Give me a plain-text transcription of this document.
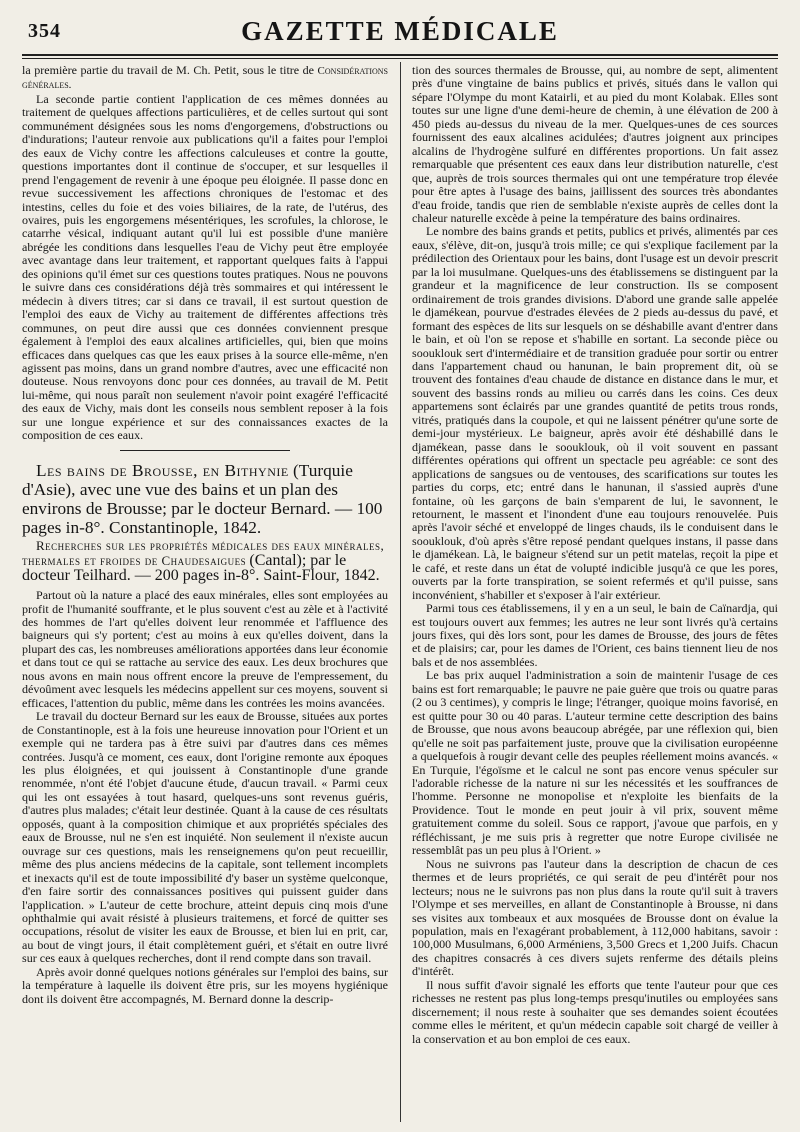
354	GAZETTE MÉDICALE

la première partie du travail de M. Ch. Petit, sous le titre de Considérations générales.

La seconde partie contient l'application de ces mêmes données au traitement de quelques affections particulières, et de celles surtout qui sont communément désignées sous les noms d'engorgemens, d'obstructions ou d'indurations; l'auteur renvoie aux publications qu'il a faites pour l'emploi des eaux de Vichy contre les affections calculeuses et contre la goutte, questions importantes dont il continue de s'occuper, et sur lesquelles il prend l'engagement de revenir à une époque peu éloignée. Il passe donc en revue successivement les affections chroniques de l'estomac et des intestins, celles du foie et des voies biliaires, de la rate, de l'utérus, des ovaires, puis les engorgemens mésentériques, les scrofules, la chlorose, le catarrhe vésical, indiquant autant qu'il lui est possible d'une manière abrégée les conditions dans lesquelles l'eau de Vichy peut être employée avec avantage dans leur traitement, et rapportant quelques faits à l'appui des opinions qu'il émet sur ces questions toutes pratiques. Nous ne pouvons le suivre dans ces considérations déjà très sommaires et qui intéressent le médecin à divers titres; car si dans ce travail, il est surtout question de l'emploi des eaux de Vichy au traitement de différentes affections très communes, on peut dire aussi que ces données conviennent presque également à l'emploi des eaux alcalines artificielles, qui, bien que moins efficaces dans quelques cas que les eaux prises à la source elle-même, n'en agissent pas moins, dans un grand nombre d'autres, avec une efficacité non douteuse. Nous renvoyons donc pour ces données, au travail de M. Petit lui-même, qui nous paraît non seulement n'avoir point exagéré l'efficacité des eaux de Vichy, mais dont les conseils nous semblent reposer à la fois sur une longue expérience et sur des connaissances exactes de la composition de ces eaux.

Les bains de Brousse, en Bithynie (Turquie d'Asie), avec une vue des bains et un plan des environs de Brousse; par le docteur Bernard. — 100 pages in-8°. Constantinople, 1842.

Recherches sur les propriétés médicales des eaux minérales, thermales et froides de Chaudesaigues (Cantal); par le docteur Teilhard. — 200 pages in-8°. Saint-Flour, 1842.

Partout où la nature a placé des eaux minérales, elles sont employées au profit de l'humanité souffrante, et le plus souvent c'est au zèle et à l'activité des hommes de l'art qu'elles doivent leur renommée et l'affluence des baigneurs qui s'y portent; c'est au moins à eux qu'elles doivent, dans la plupart des cas, les nombreuses améliorations apportées dans leur économie et dans tout ce qui se rattache au service des eaux. Les deux brochures que nous avons en main nous offrent encore la preuve de l'empressement, du dévoûment avec lesquels les médecins appellent sur ces moyens, souvent si efficaces, l'attention du public, même dans les contrées les moins avancées.

Le travail du docteur Bernard sur les eaux de Brousse, situées aux portes de Constantinople, est à la fois une heureuse innovation pour l'Orient et un exemple qui ne tardera pas à être suivi par d'autres dans ces mêmes contrées. Jusqu'à ce moment, ces eaux, dont l'origine remonte aux époques les plus éloignées, et qui jouissent à Constantinople d'une grande renommée, n'ont été l'objet d'aucune étude, d'aucun travail. « Parmi ceux qui les ont essayées à tout hasard, quelques-uns sont revenus guéris, d'autres plus malades; c'était leur destinée. Quant à la cause de ces résultats opposés, quant à la composition chimique et aux propriétés spéciales des eaux de Brousse, nul ne s'en est inquiété. Non seulement il n'existe aucun ouvrage sur ces questions, mais les renseignemens qu'on peut recueillir, même des plus anciens médecins de la capitale, sont tellement incomplets et inexacts qu'il est de toute impossibilité d'y baser un système quelconque, d'en faire sortir des connaissances positives qui puissent guider dans l'application. » L'auteur de cette brochure, atteint depuis cinq mois d'une ophthalmie qui avait résisté à plusieurs traitemens, et forcé de quitter ses occupations, résolut de visiter les eaux de Brousse, et bien lui en prit, car, au bout de vingt jours, il était complètement guéri, et s'était en outre livré sur ces eaux à quelques recherches, dont il rend compte dans son travail.

Après avoir donné quelques notions générales sur l'emploi des bains, sur la température à laquelle ils doivent être pris, sur les moyens hygiénique dont ils doivent être accompagnés, M. Bernard donne la descrip-

tion des sources thermales de Brousse, qui, au nombre de sept, alimentent près d'une vingtaine de bains publics et privés, situés dans le vallon qui sépare l'Olympe du mont Katairli, et au pied du mont Kolabak. Elles sont toutes sur une ligne d'une demi-heure de chemin, à une élévation de 200 à 450 pieds au-dessus du niveau de la mer. Quelques-unes de ces sources fournissent des eaux alcalines acidulées; d'autres joignent aux principes alcalins de l'hydrogène sulfuré en différentes proportions. Un fait assez remarquable que présentent ces eaux dans leur distribution naturelle, c'est que, auprès de trois sources thermales qui ont une température trop élevée pour être aptes à l'usage des bains, jaillissent des sources très abondantes d'eau froide, tandis que rien de semblable n'existe auprès de celles dont la chaleur naturelle excède à peine la température des bains ordinaires.

Le nombre des bains grands et petits, publics et privés, alimentés par ces eaux, s'élève, dit-on, jusqu'à trois mille; ce qui s'explique facilement par la prédilection des Orientaux pour les bains, dont l'usage est un devoir prescrit par la loi musulmane. Quelques-uns des établissemens se distinguent par la grandeur et la magnificence de leur construction. Ils se composent ordinairement de trois grandes divisions. D'abord une grande salle appelée le djamékean, pourvue d'estrades élevées de 2 pieds au-dessus du pavé, et formant des espèces de lits sur lesquels on se déshabille avant d'entrer dans le bain, et où l'on se repose et s'habille en sortant. La seconde pièce ou soouklouk sert d'intermédiaire et de transition graduée pour sortir ou entrer dans l'appartement chaud ou hanunan, le bain proprement dit, où se trouvent des fontaines d'eau chaude de distance en distance dans le mur, et souvent des bassins ronds au milieu ou carrés dans les coins. Ces deux appartemens sont éclairés par une grandes quantité de petits trous ronds, vitrés, pratiqués dans la coupole, et qui ne laissent pénétrer qu'une sorte de demi-jour mystérieux. Le baigneur, après avoir été déshabillé dans le djamékean, passe dans le soouklouk, où il voit souvent en passant différentes opérations qui offrent un spectacle peu agréable: ce sont des applications de sangsues ou de ventouses, des scarifications sur toutes les parties du corps, etc; entré dans le hanunan, il s'assied auprès d'une fontaine, où les garçons de bain s'emparent de lui, le savonnent, le retournent, le massent et l'inondent d'une eau toujours renouvelée. Puis après l'avoir séché et enveloppé de linges chauds, ils le conduisent dans le soouklouk, d'où après s'être reposé pendant quelques instans, il passe dans le djamékean. Là, le baigneur s'étend sur un petit matelas, reçoit la pipe et le café, et reste dans un état de volupté indicible jusqu'à ce que les pores, ouverts par la forte transpiration, se soient refermés et qu'il puisse, sans inconvénient, s'habiller et s'exposer à l'air extérieur.

Parmi tous ces établissemens, il y en a un seul, le bain de Caïnardja, qui est toujours ouvert aux femmes; les autres ne leur sont livrés qu'à certains jours fixes, qui dès lors sont, pour les dames de Brousse, des jours de fêtes et de plaisirs; car, pour les dames de l'Orient, ces bains tiennent lieu de nos bals et de nos assemblées.

Le bas prix auquel l'administration a soin de maintenir l'usage de ces bains est fort remarquable; le pauvre ne paie guère que trois ou quatre paras (2 ou 3 centimes), y compris le linge; l'étranger, quoique moins favorisé, en est quitte pour 30 ou 40 paras. L'auteur termine cette description des bains de Brousse, que nous avons beaucoup abrégée, par une réflexion qui, bien qu'elle ne soit pas parfaitement juste, prouve que la civilisation européenne a quelquefois à rougir devant celle des peuples réellement moins avancés. « En Turquie, l'égoïsme et le calcul ne sont pas encore venus spéculer sur l'adorable richesse de la nature ni sur les nécessités et les souffrances de l'homme. Personne ne monopolise et n'exploite les bienfaits de la Providence. Tout le monde en peut jouir à vil prix, souvent même gratuitement comme du soleil. Sous ce rapport, j'avoue que parfois, en y réfléchissant, je me suis pris à regretter que notre Europe civilisée ne ressemblât pas un peu plus à l'Orient. »

Nous ne suivrons pas l'auteur dans la description de chacun de ces thermes et de leurs propriétés, ce qui serait de peu d'intérêt pour nos lecteurs; nous ne le suivrons pas non plus dans la route qu'il suit à travers l'Olympe et ses merveilles, en allant de Constantinople à Brousse, ni dans ses visites aux tombeaux et aux mosquées de Brousse dont on évalue la population, mais en l'exagérant probablement, à 112,000 habitans, savoir : 100,000 Musulmans, 6,000 Arméniens, 3,500 Grecs et 1,200 Juifs. Chacun des chapitres consacrés à ces divers sujets renferme des détails pleins d'intérêt.

Il nous suffit d'avoir signalé les efforts que tente l'auteur pour que ces richesses ne restent pas plus long-temps presqu'inutiles ou employées sans discernement; il nous reste à souhaiter que ses demandes soient écoutées comme elles le méritent, et qu'un médecin capable soit chargé de veiller à la conservation et au bon emploi de ces eaux.
